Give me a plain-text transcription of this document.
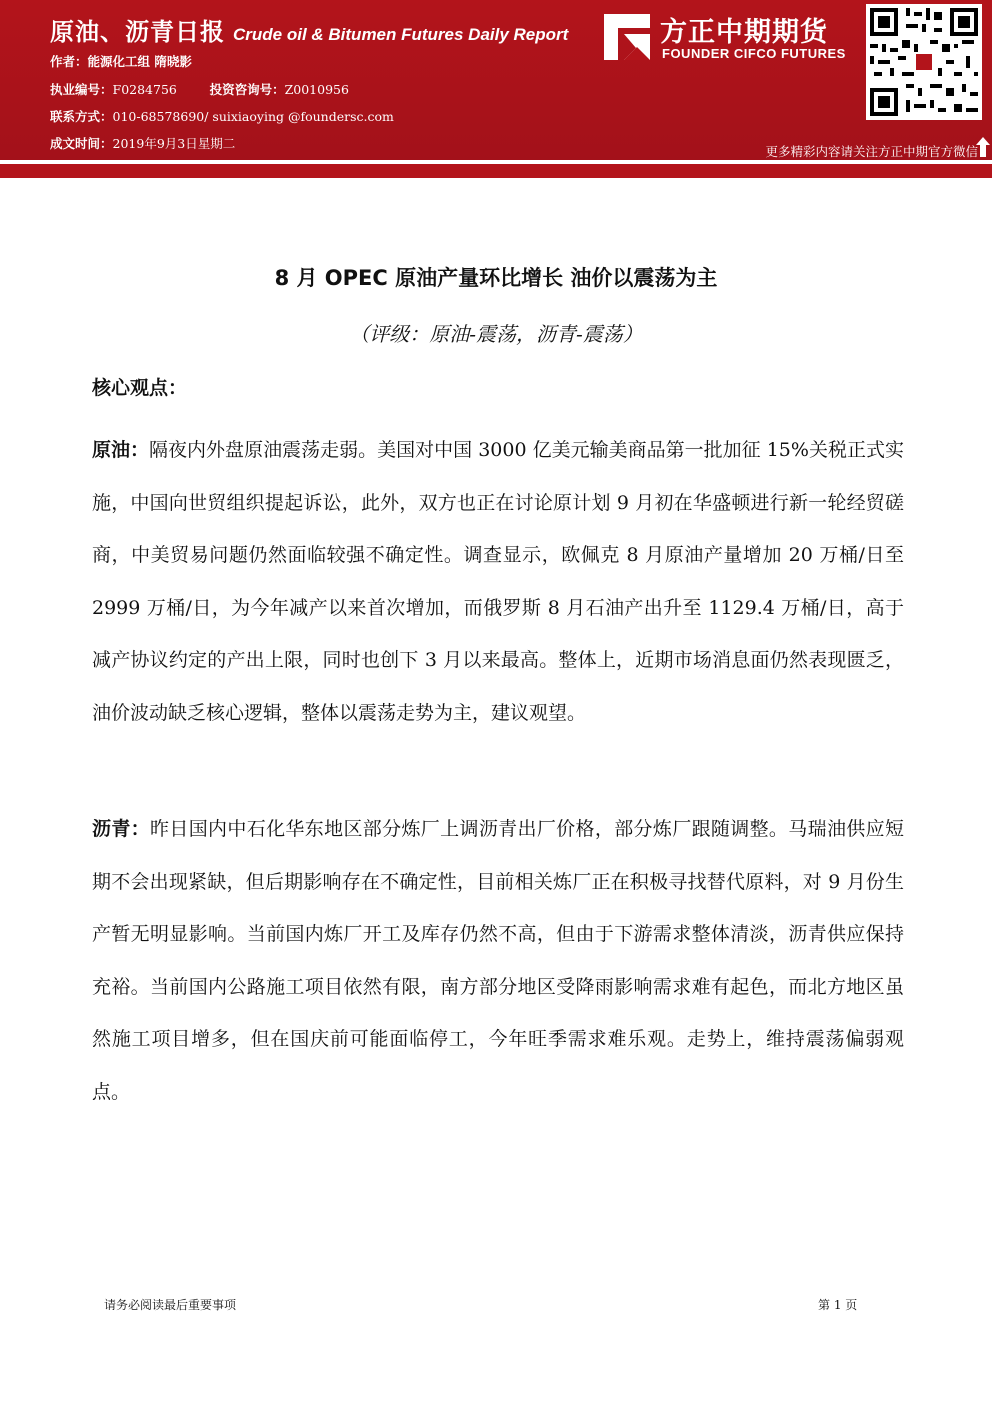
原油、沥青日报 Crude oil & Bitumen Futures Daily Report
作者：能源化工组 隋晓影
执业编号：F0284756	投资咨询号：Z0010956
联系方式：010-68578690/ suixiaoying @foundersc.com
成文时间：2019年9月3日星期二
方正中期期货
FOUNDER CIFCO FUTURES
更多精彩内容请关注方正中期官方微信
8 月 OPEC 原油产量环比增长 油价以震荡为主
（评级：原油-震荡，沥青-震荡）
核心观点：
原油：隔夜内外盘原油震荡走弱。美国对中国 3000 亿美元输美商品第一批加征 15%关税正式实施，中国向世贸组织提起诉讼，此外，双方也正在讨论原计划 9 月初在华盛顿进行新一轮经贸磋商，中美贸易问题仍然面临较强不确定性。调查显示，欧佩克 8 月原油产量增加 20 万桶/日至 2999 万桶/日，为今年减产以来首次增加，而俄罗斯 8 月石油产出升至 1129.4 万桶/日，高于减产协议约定的产出上限，同时也创下 3 月以来最高。整体上，近期市场消息面仍然表现匮乏，油价波动缺乏核心逻辑，整体以震荡走势为主，建议观望。
沥青：昨日国内中石化华东地区部分炼厂上调沥青出厂价格，部分炼厂跟随调整。马瑞油供应短期不会出现紧缺，但后期影响存在不确定性，目前相关炼厂正在积极寻找替代原料，对 9 月份生产暂无明显影响。当前国内炼厂开工及库存仍然不高，但由于下游需求整体清淡，沥青供应保持充裕。当前国内公路施工项目依然有限，南方部分地区受降雨影响需求难有起色，而北方地区虽然施工项目增多，但在国庆前可能面临停工，今年旺季需求难乐观。走势上，维持震荡偏弱观点。
请务必阅读最后重要事项	第 1 页
